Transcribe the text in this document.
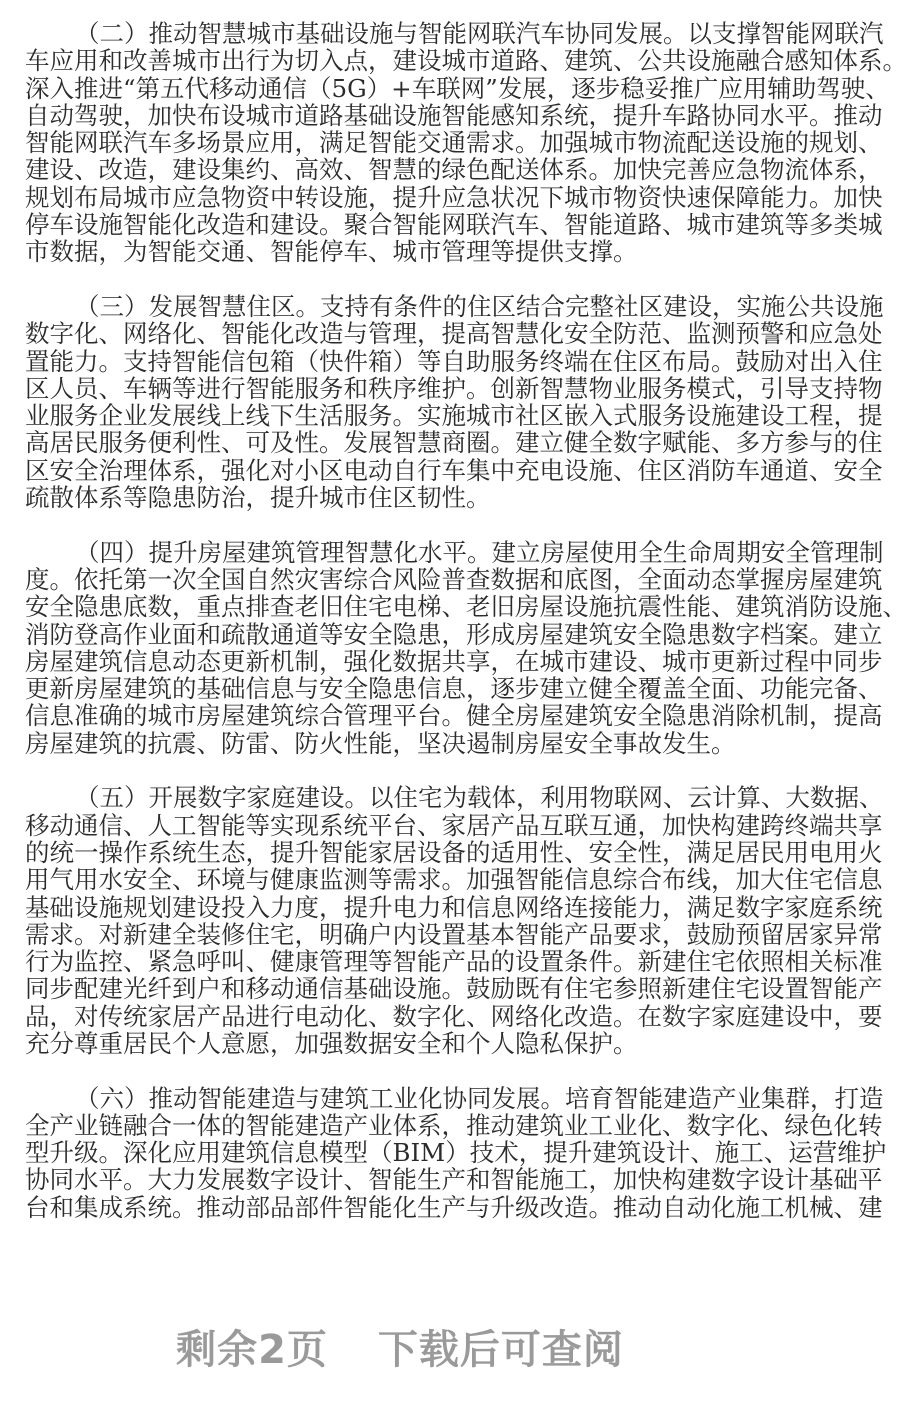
（二）推动智慧城市基础设施与智能网联汽车协同发展。以支撑智能网联汽
车应用和改善城市出行为切入点，建设城市道路、建筑、公共设施融合感知体系。
深入推进“第五代移动通信（5G）+车联网”发展，逐步稳妥推广应用辅助驾驶、
自动驾驶，加快布设城市道路基础设施智能感知系统，提升车路协同水平。推动
智能网联汽车多场景应用，满足智能交通需求。加强城市物流配送设施的规划、
建设、改造，建设集约、高效、智慧的绿色配送体系。加快完善应急物流体系，
规划布局城市应急物资中转设施，提升应急状况下城市物资快速保障能力。加快
停车设施智能化改造和建设。聚合智能网联汽车、智能道路、城市建筑等多类城
市数据，为智能交通、智能停车、城市管理等提供支撑。
（三）发展智慧住区。支持有条件的住区结合完整社区建设，实施公共设施
数字化、网络化、智能化改造与管理，提高智慧化安全防范、监测预警和应急处
置能力。支持智能信包箱（快件箱）等自助服务终端在住区布局。鼓励对出入住
区人员、车辆等进行智能服务和秩序维护。创新智慧物业服务模式，引导支持物
业服务企业发展线上线下生活服务。实施城市社区嵌入式服务设施建设工程，提
高居民服务便利性、可及性。发展智慧商圈。建立健全数字赋能、多方参与的住
区安全治理体系，强化对小区电动自行车集中充电设施、住区消防车通道、安全
疏散体系等隐患防治，提升城市住区韧性。
（四）提升房屋建筑管理智慧化水平。建立房屋使用全生命周期安全管理制
度。依托第一次全国自然灾害综合风险普查数据和底图，全面动态掌握房屋建筑
安全隐患底数，重点排查老旧住宅电梯、老旧房屋设施抗震性能、建筑消防设施、
消防登高作业面和疏散通道等安全隐患，形成房屋建筑安全隐患数字档案。建立
房屋建筑信息动态更新机制，强化数据共享，在城市建设、城市更新过程中同步
更新房屋建筑的基础信息与安全隐患信息，逐步建立健全覆盖全面、功能完备、
信息准确的城市房屋建筑综合管理平台。健全房屋建筑安全隐患消除机制，提高
房屋建筑的抗震、防雷、防火性能，坚决遏制房屋安全事故发生。
（五）开展数字家庭建设。以住宅为载体，利用物联网、云计算、大数据、
移动通信、人工智能等实现系统平台、家居产品互联互通，加快构建跨终端共享
的统一操作系统生态，提升智能家居设备的适用性、安全性，满足居民用电用火
用气用水安全、环境与健康监测等需求。加强智能信息综合布线，加大住宅信息
基础设施规划建设投入力度，提升电力和信息网络连接能力，满足数字家庭系统
需求。对新建全装修住宅，明确户内设置基本智能产品要求，鼓励预留居家异常
行为监控、紧急呼叫、健康管理等智能产品的设置条件。新建住宅依照相关标准
同步配建光纤到户和移动通信基础设施。鼓励既有住宅参照新建住宅设置智能产
品，对传统家居产品进行电动化、数字化、网络化改造。在数字家庭建设中，要
充分尊重居民个人意愿，加强数据安全和个人隐私保护。
（六）推动智能建造与建筑工业化协同发展。培育智能建造产业集群，打造
全产业链融合一体的智能建造产业体系，推动建筑业工业化、数字化、绿色化转
型升级。深化应用建筑信息模型（BIM）技术，提升建筑设计、施工、运营维护
协同水平。大力发展数字设计、智能生产和智能施工，加快构建数字设计基础平
台和集成系统。推动部品部件智能化生产与升级改造。推动自动化施工机械、建
剩余2页 下载后可查阅
